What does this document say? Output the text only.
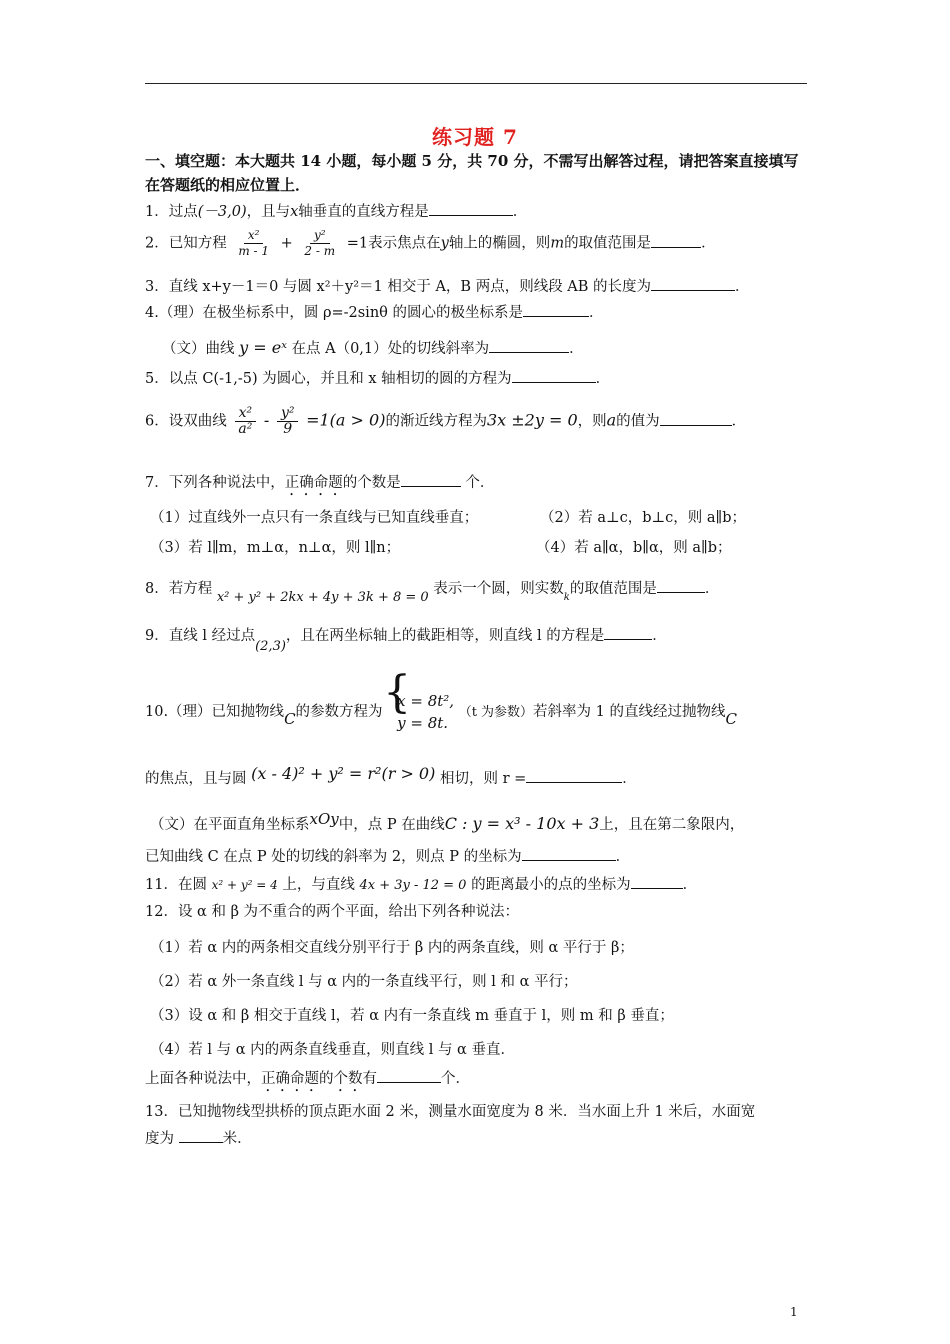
练习题 7
一、填空题：本大题共 14 小题，每小题 5 分，共 70 分，不需写出解答过程，请把答案直接填写
在答题纸的相应位置上．
1．过点(－3,0)，且与x轴垂直的直线方程是	．
2．已知方程 $\frac{\text{x²}}{m - 1} + \frac{\text{y²}}{2 - m} =1$表示焦点在y轴上的椭圆，则m的取值范围是	．
3．直线 x+y－1＝0 与圆 x²＋y²＝1 相交于 A，B 两点，则线段 AB 的长度为	．
4.（理）在极坐标系中，圆 ρ=-2sinθ 的圆心的极坐标系是	．
（文）曲线 y = eˣ 在点 A（0,1）处的切线斜率为	．
5．以点 C(-1,-5) 为圆心，并且和 x 轴相切的圆的方程为	．
6．设双曲线 $\frac{\text{x²}}{\text{a²}} - \frac{\text{y²}}{9} =1(a > 0)$的渐近线方程为3x ±2y = 0，则a的值为	．
7．下列各种说法中，正确命题的个数是	个．
（1）过直线外一点只有一条直线与已知直线垂直；	（2）若 a⊥c，b⊥c，则 a∥b；
（3）若 l∥m，m⊥α，n⊥α，则 l∥n；	（4）若 a∥α，b∥α，则 a∥b；
8．若方程 x² + y² + 2kx + 4y + 3k + 8 = 0 表示一个圆，则实数$_k$的取值范围是	．
9．直线 l 经过点(2,3)，且在两坐标轴上的截距相等，则直线 l 的方程是	．
10.（理）已知抛物线C的参数方程为
{ x = 8t²,
y = 8t.
（t 为参数）若斜率为 1 的直线经过抛物线C
的焦点，且与圆 (x - 4)² + y² = r²(r > 0) 相切，则 r =	．
（文）在平面直角坐标系xOy中，点 P 在曲线C : y = x³ - 10x + 3上，且在第二象限内，
已知曲线 C 在点 P 处的切线的斜率为 2，则点 P 的坐标为	．
11．在圆 x² + y² = 4 上，与直线 4x + 3y - 12 = 0 的距离最小的点的坐标为	．
12．设 α 和 β 为不重合的两个平面，给出下列各种说法：
（1）若 α 内的两条相交直线分别平行于 β 内的两条直线，则 α 平行于 β；
（2）若 α 外一条直线 l 与 α 内的一条直线平行，则 l 和 α 平行；
（3）设 α 和 β 相交于直线 l，若 α 内有一条直线 m 垂直于 l，则 m 和 β 垂直；
（4）若 l 与 α 内的两条直线垂直，则直线 l 与 α 垂直．
上面各种说法中，正确命题的个数有	个．
13．已知抛物线型拱桥的顶点距水面 2 米，测量水面宽度为 8 米．当水面上升 1 米后，水面宽
度为	米．
1
